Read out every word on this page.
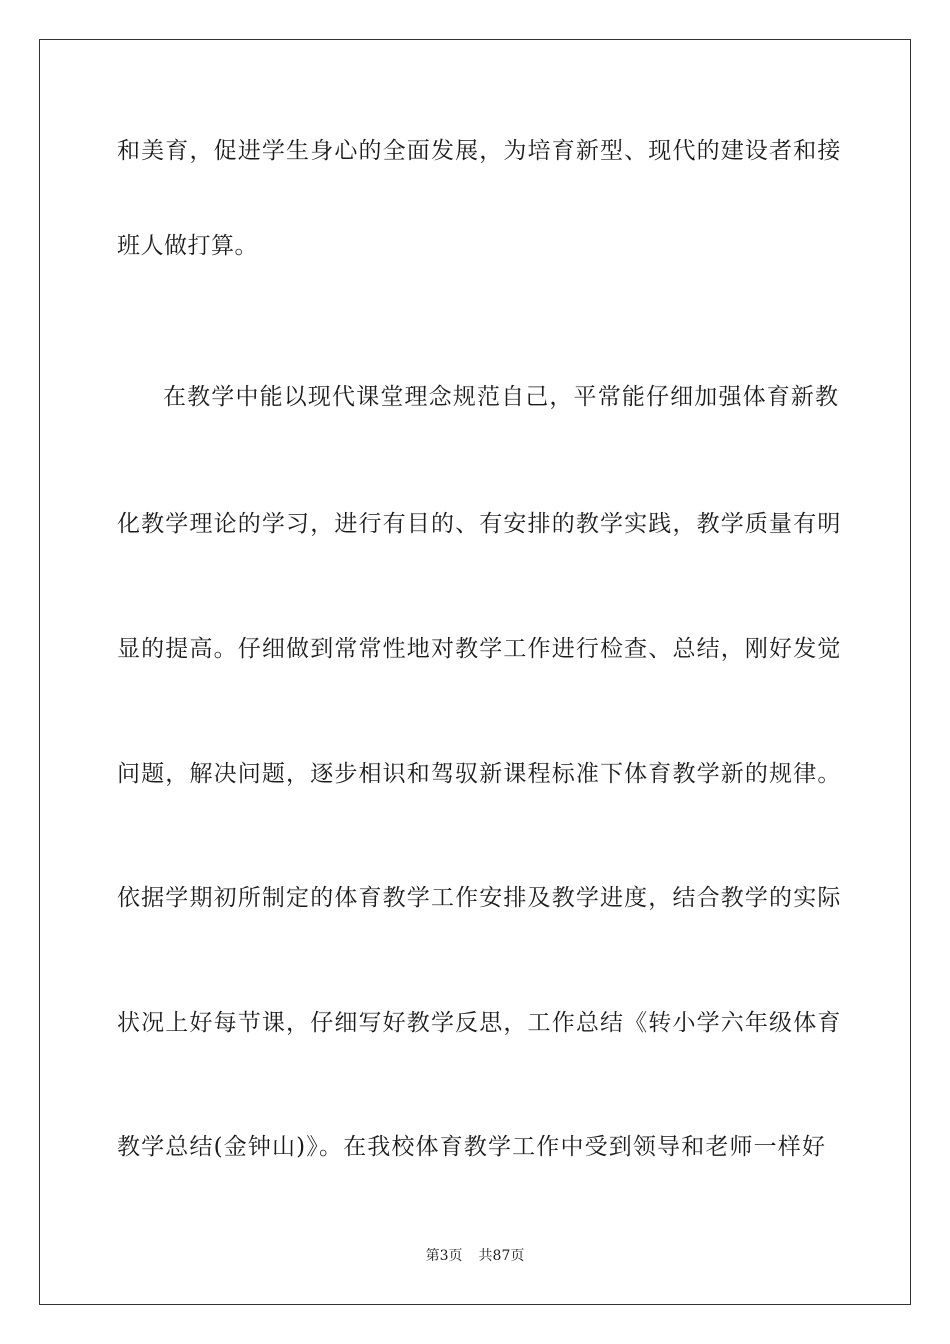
和美育，促进学生身心的全面发展，为培育新型、现代的建设者和接
班人做打算。
在教学中能以现代课堂理念规范自己，平常能仔细加强体育新教
化教学理论的学习，进行有目的、有安排的教学实践，教学质量有明
显的提高。仔细做到常常性地对教学工作进行检查、总结，刚好发觉
问题，解决问题，逐步相识和驾驭新课程标准下体育教学新的规律。
依据学期初所制定的体育教学工作安排及教学进度，结合教学的实际
状况上好每节课，仔细写好教学反思，工作总结《转小学六年级体育
教学总结(金钟山)》。在我校体育教学工作中受到领导和老师一样好
第3页 共87页
